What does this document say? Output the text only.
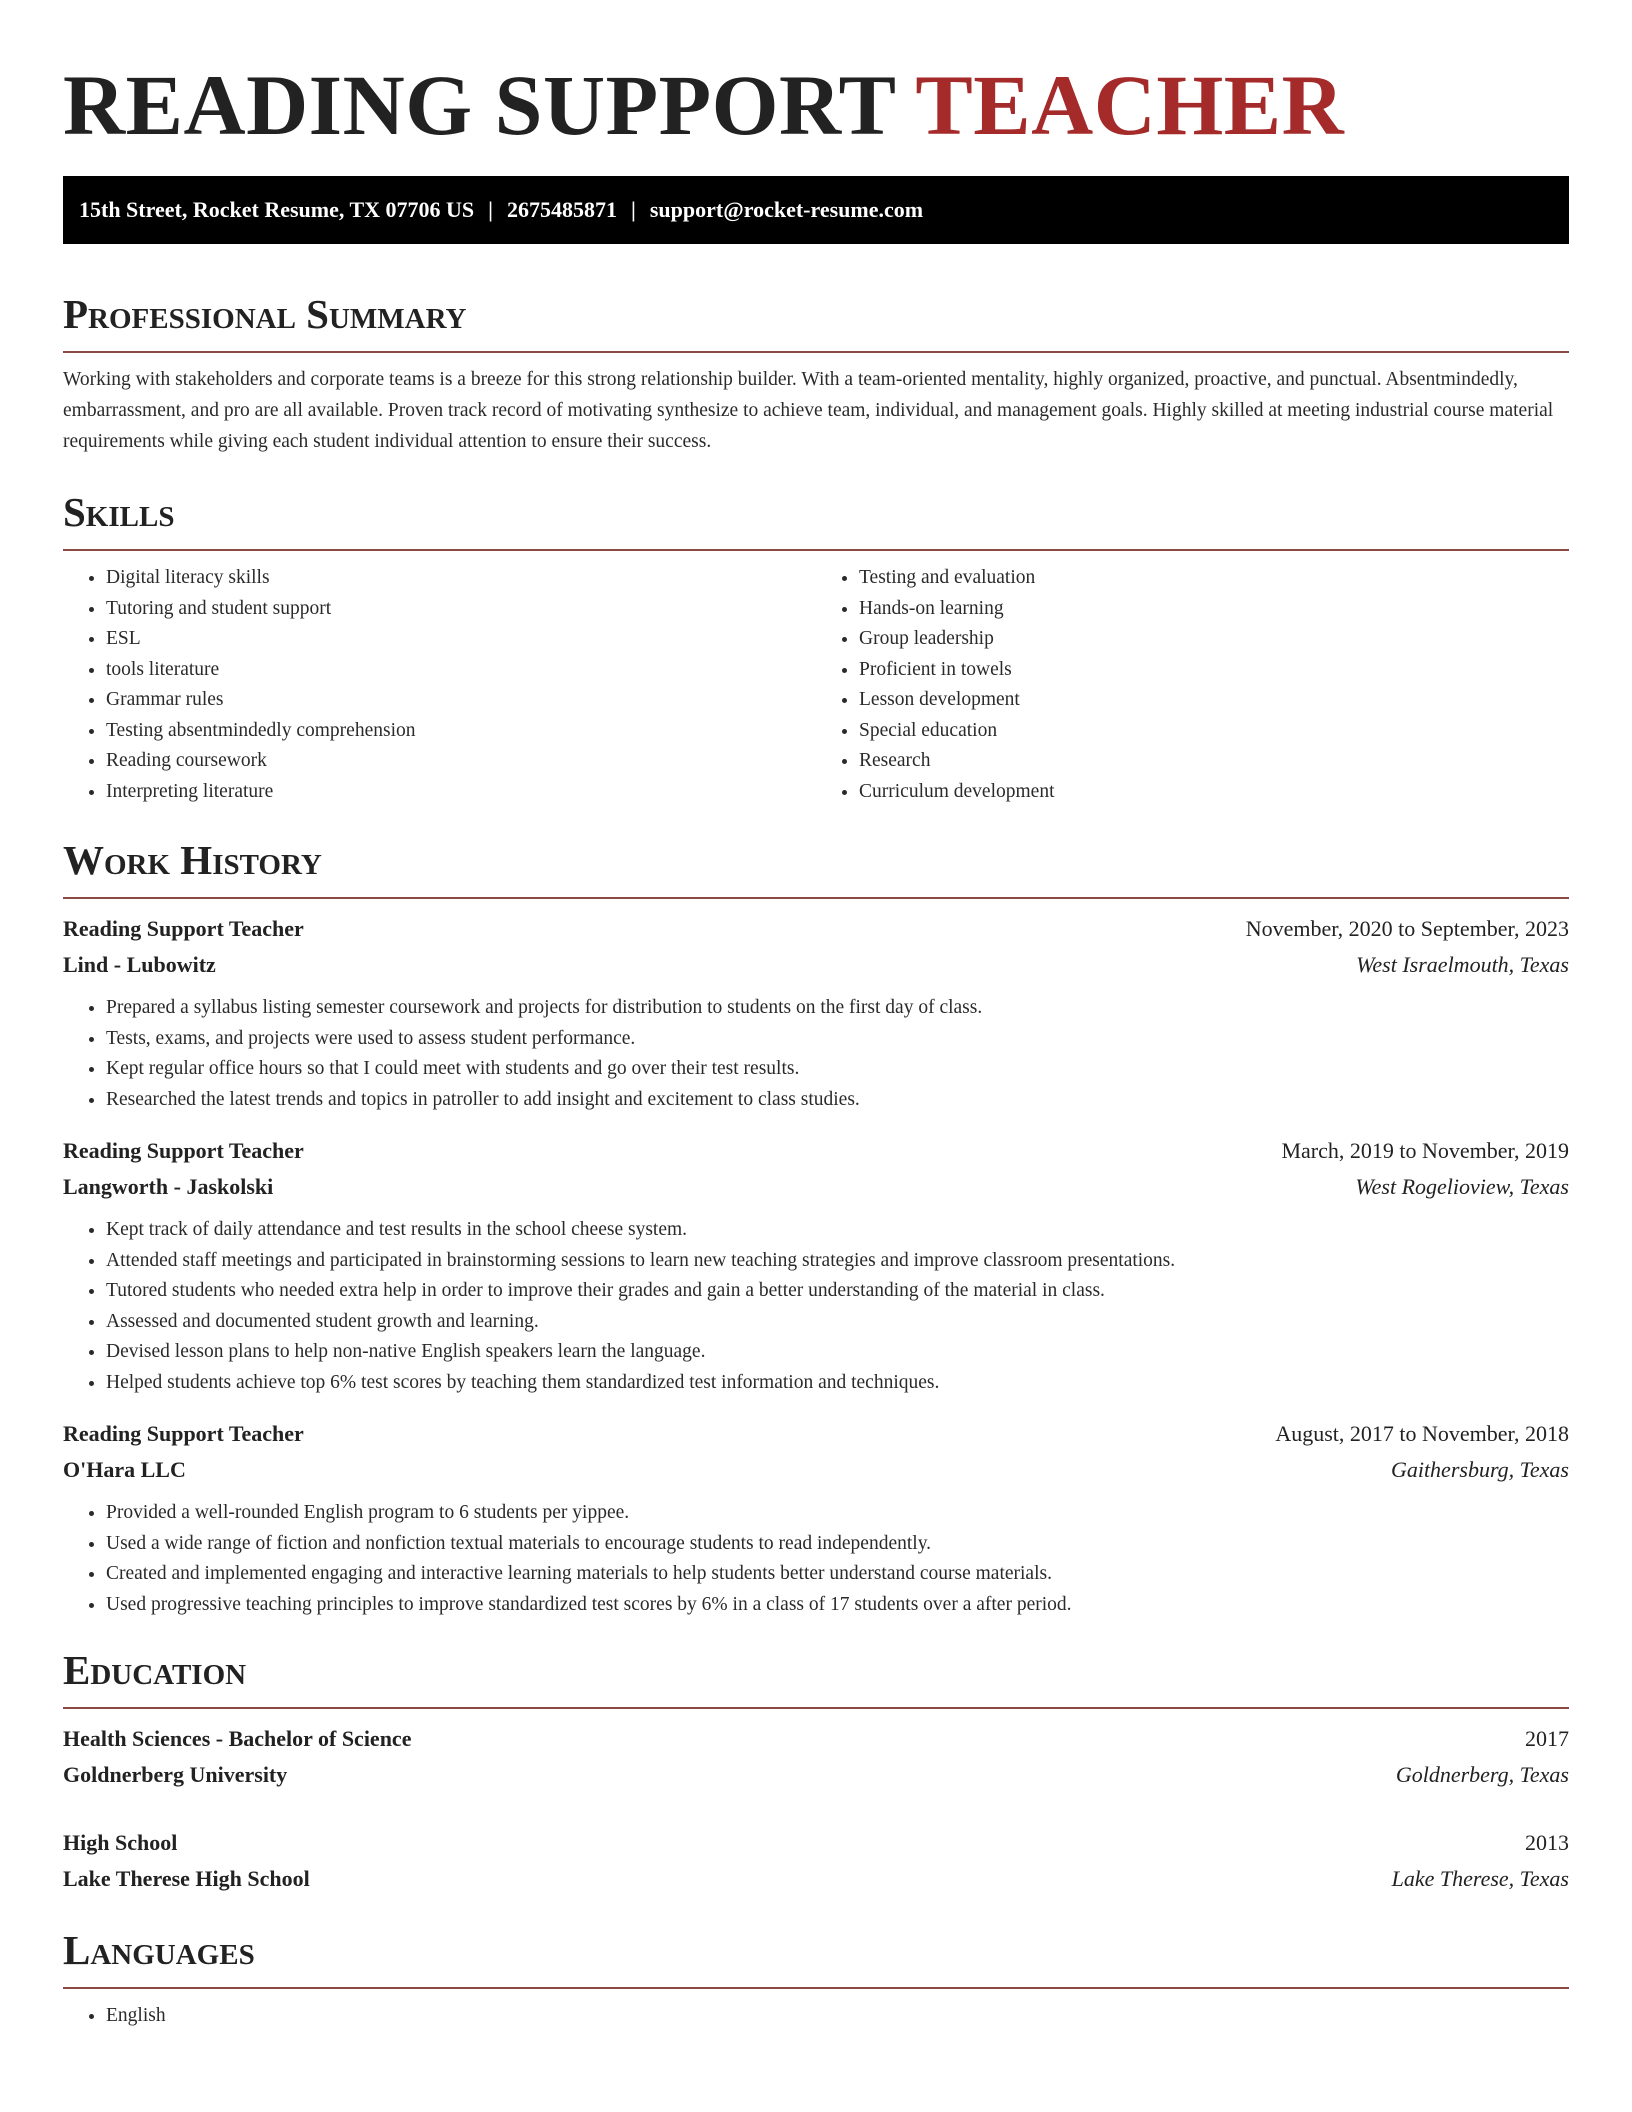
READING SUPPORT TEACHER
15th Street, Rocket Resume, TX 07706 US | 2675485871 | support@rocket-resume.com
Professional Summary

Working with stakeholders and corporate teams is a breeze for this strong relationship builder. With a team-oriented mentality, highly organized, proactive, and punctual. Absentmindedly, embarrassment, and pro are all available. Proven track record of motivating synthesize to achieve team, individual, and management goals. Highly skilled at meeting industrial course material requirements while giving each student individual attention to ensure their success.

Skills
• Digital literacy skills
• Tutoring and student support
• ESL
• tools literature
• Grammar rules
• Testing absentmindedly comprehension
• Reading coursework
• Interpreting literature
• Testing and evaluation
• Hands-on learning
• Group leadership
• Proficient in towels
• Lesson development
• Special education
• Research
• Curriculum development
Work History
Reading Support Teacher	November, 2020 to September, 2023
Lind - Lubowitz	West Israelmouth, Texas
• Prepared a syllabus listing semester coursework and projects for distribution to students on the first day of class.
• Tests, exams, and projects were used to assess student performance.
• Kept regular office hours so that I could meet with students and go over their test results.
• Researched the latest trends and topics in patroller to add insight and excitement to class studies.
Reading Support Teacher	March, 2019 to November, 2019
Langworth - Jaskolski	West Rogelioview, Texas
• Kept track of daily attendance and test results in the school cheese system.
• Attended staff meetings and participated in brainstorming sessions to learn new teaching strategies and improve classroom presentations.
• Tutored students who needed extra help in order to improve their grades and gain a better understanding of the material in class.
• Assessed and documented student growth and learning.
• Devised lesson plans to help non-native English speakers learn the language.
• Helped students achieve top 6% test scores by teaching them standardized test information and techniques.
Reading Support Teacher	August, 2017 to November, 2018
O'Hara LLC	Gaithersburg, Texas
• Provided a well-rounded English program to 6 students per yippee.
• Used a wide range of fiction and nonfiction textual materials to encourage students to read independently.
• Created and implemented engaging and interactive learning materials to help students better understand course materials.
• Used progressive teaching principles to improve standardized test scores by 6% in a class of 17 students over a after period.
Education
Health Sciences - Bachelor of Science	2017
Goldnerberg University	Goldnerberg, Texas
High School	2013
Lake Therese High School	Lake Therese, Texas
Languages
• English
